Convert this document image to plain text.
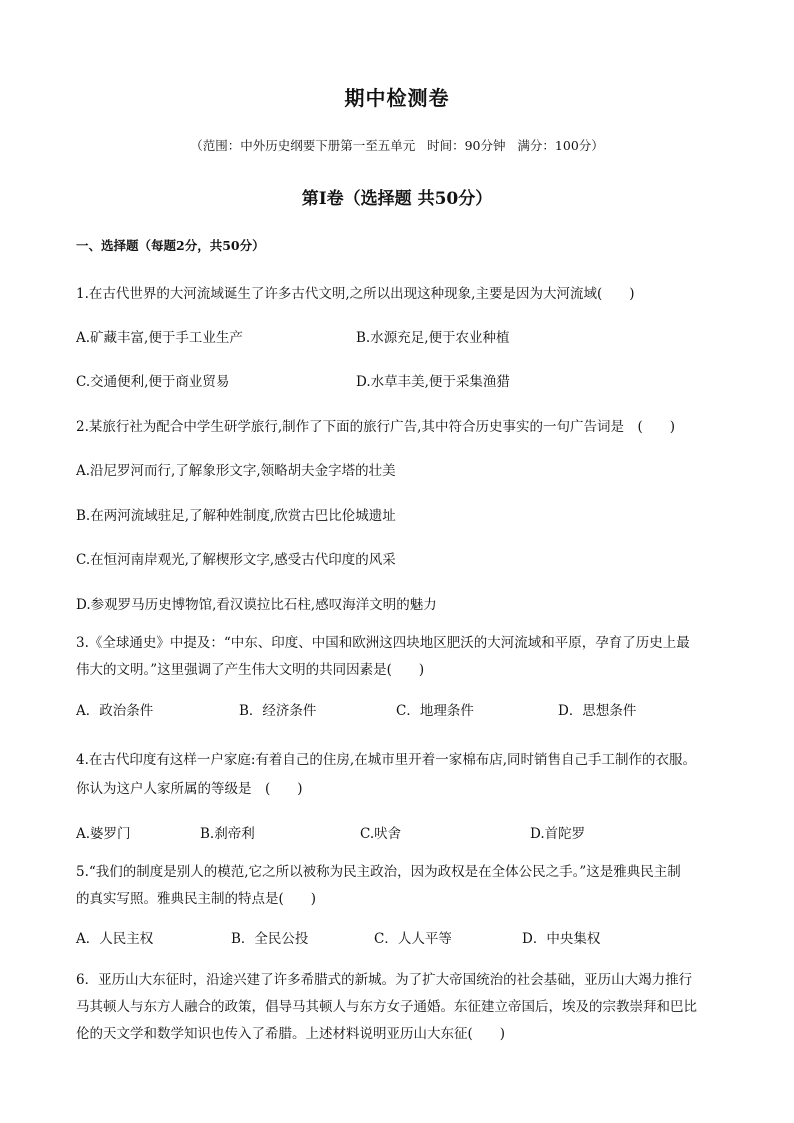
期中检测卷
（范围：中外历史纲要下册第一至五单元   时间：90分钟   满分：100分）
第Ⅰ卷（选择题 共50分）
一、选择题（每题2分，共50分）
1.在古代世界的大河流域诞生了许多古代文明,之所以出现这种现象,主要是因为大河流域(　　)
A.矿藏丰富,便于手工业生产	B.水源充足,便于农业种植
C.交通便利,便于商业贸易	D.水草丰美,便于采集渔猎
2.某旅行社为配合中学生研学旅行,制作了下面的旅行广告,其中符合历史事实的一句广告词是　(　　)
A.沿尼罗河而行,了解象形文字,领略胡夫金字塔的壮美
B.在两河流域驻足,了解种姓制度,欣赏古巴比伦城遗址
C.在恒河南岸观光,了解楔形文字,感受古代印度的风采
D.参观罗马历史博物馆,看汉谟拉比石柱,感叹海洋文明的魅力
3.《全球通史》中提及：“中东、印度、中国和欧洲这四块地区肥沃的大河流域和平原，孕育了历史上最
伟大的文明。”这里强调了产生伟大文明的共同因素是(　　)
A．政治条件	B．经济条件	C．地理条件	D．思想条件
4.在古代印度有这样一户家庭:有着自己的住房,在城市里开着一家棉布店,同时销售自己手工制作的衣服。
你认为这户人家所属的等级是　(　　)
A.婆罗门	B.刹帝利	C.吠舍	D.首陀罗
5.“我们的制度是别人的模范,它之所以被称为民主政治，因为政权是在全体公民之手。”这是雅典民主制
的真实写照。雅典民主制的特点是(　　)
A．人民主权	B．全民公投	C．人人平等	D．中央集权
6．亚历山大东征时，沿途兴建了许多希腊式的新城。为了扩大帝国统治的社会基础，亚历山大竭力推行
马其顿人与东方人融合的政策，倡导马其顿人与东方女子通婚。东征建立帝国后，埃及的宗教崇拜和巴比
伦的天文学和数学知识也传入了希腊。上述材料说明亚历山大东征(　　)
